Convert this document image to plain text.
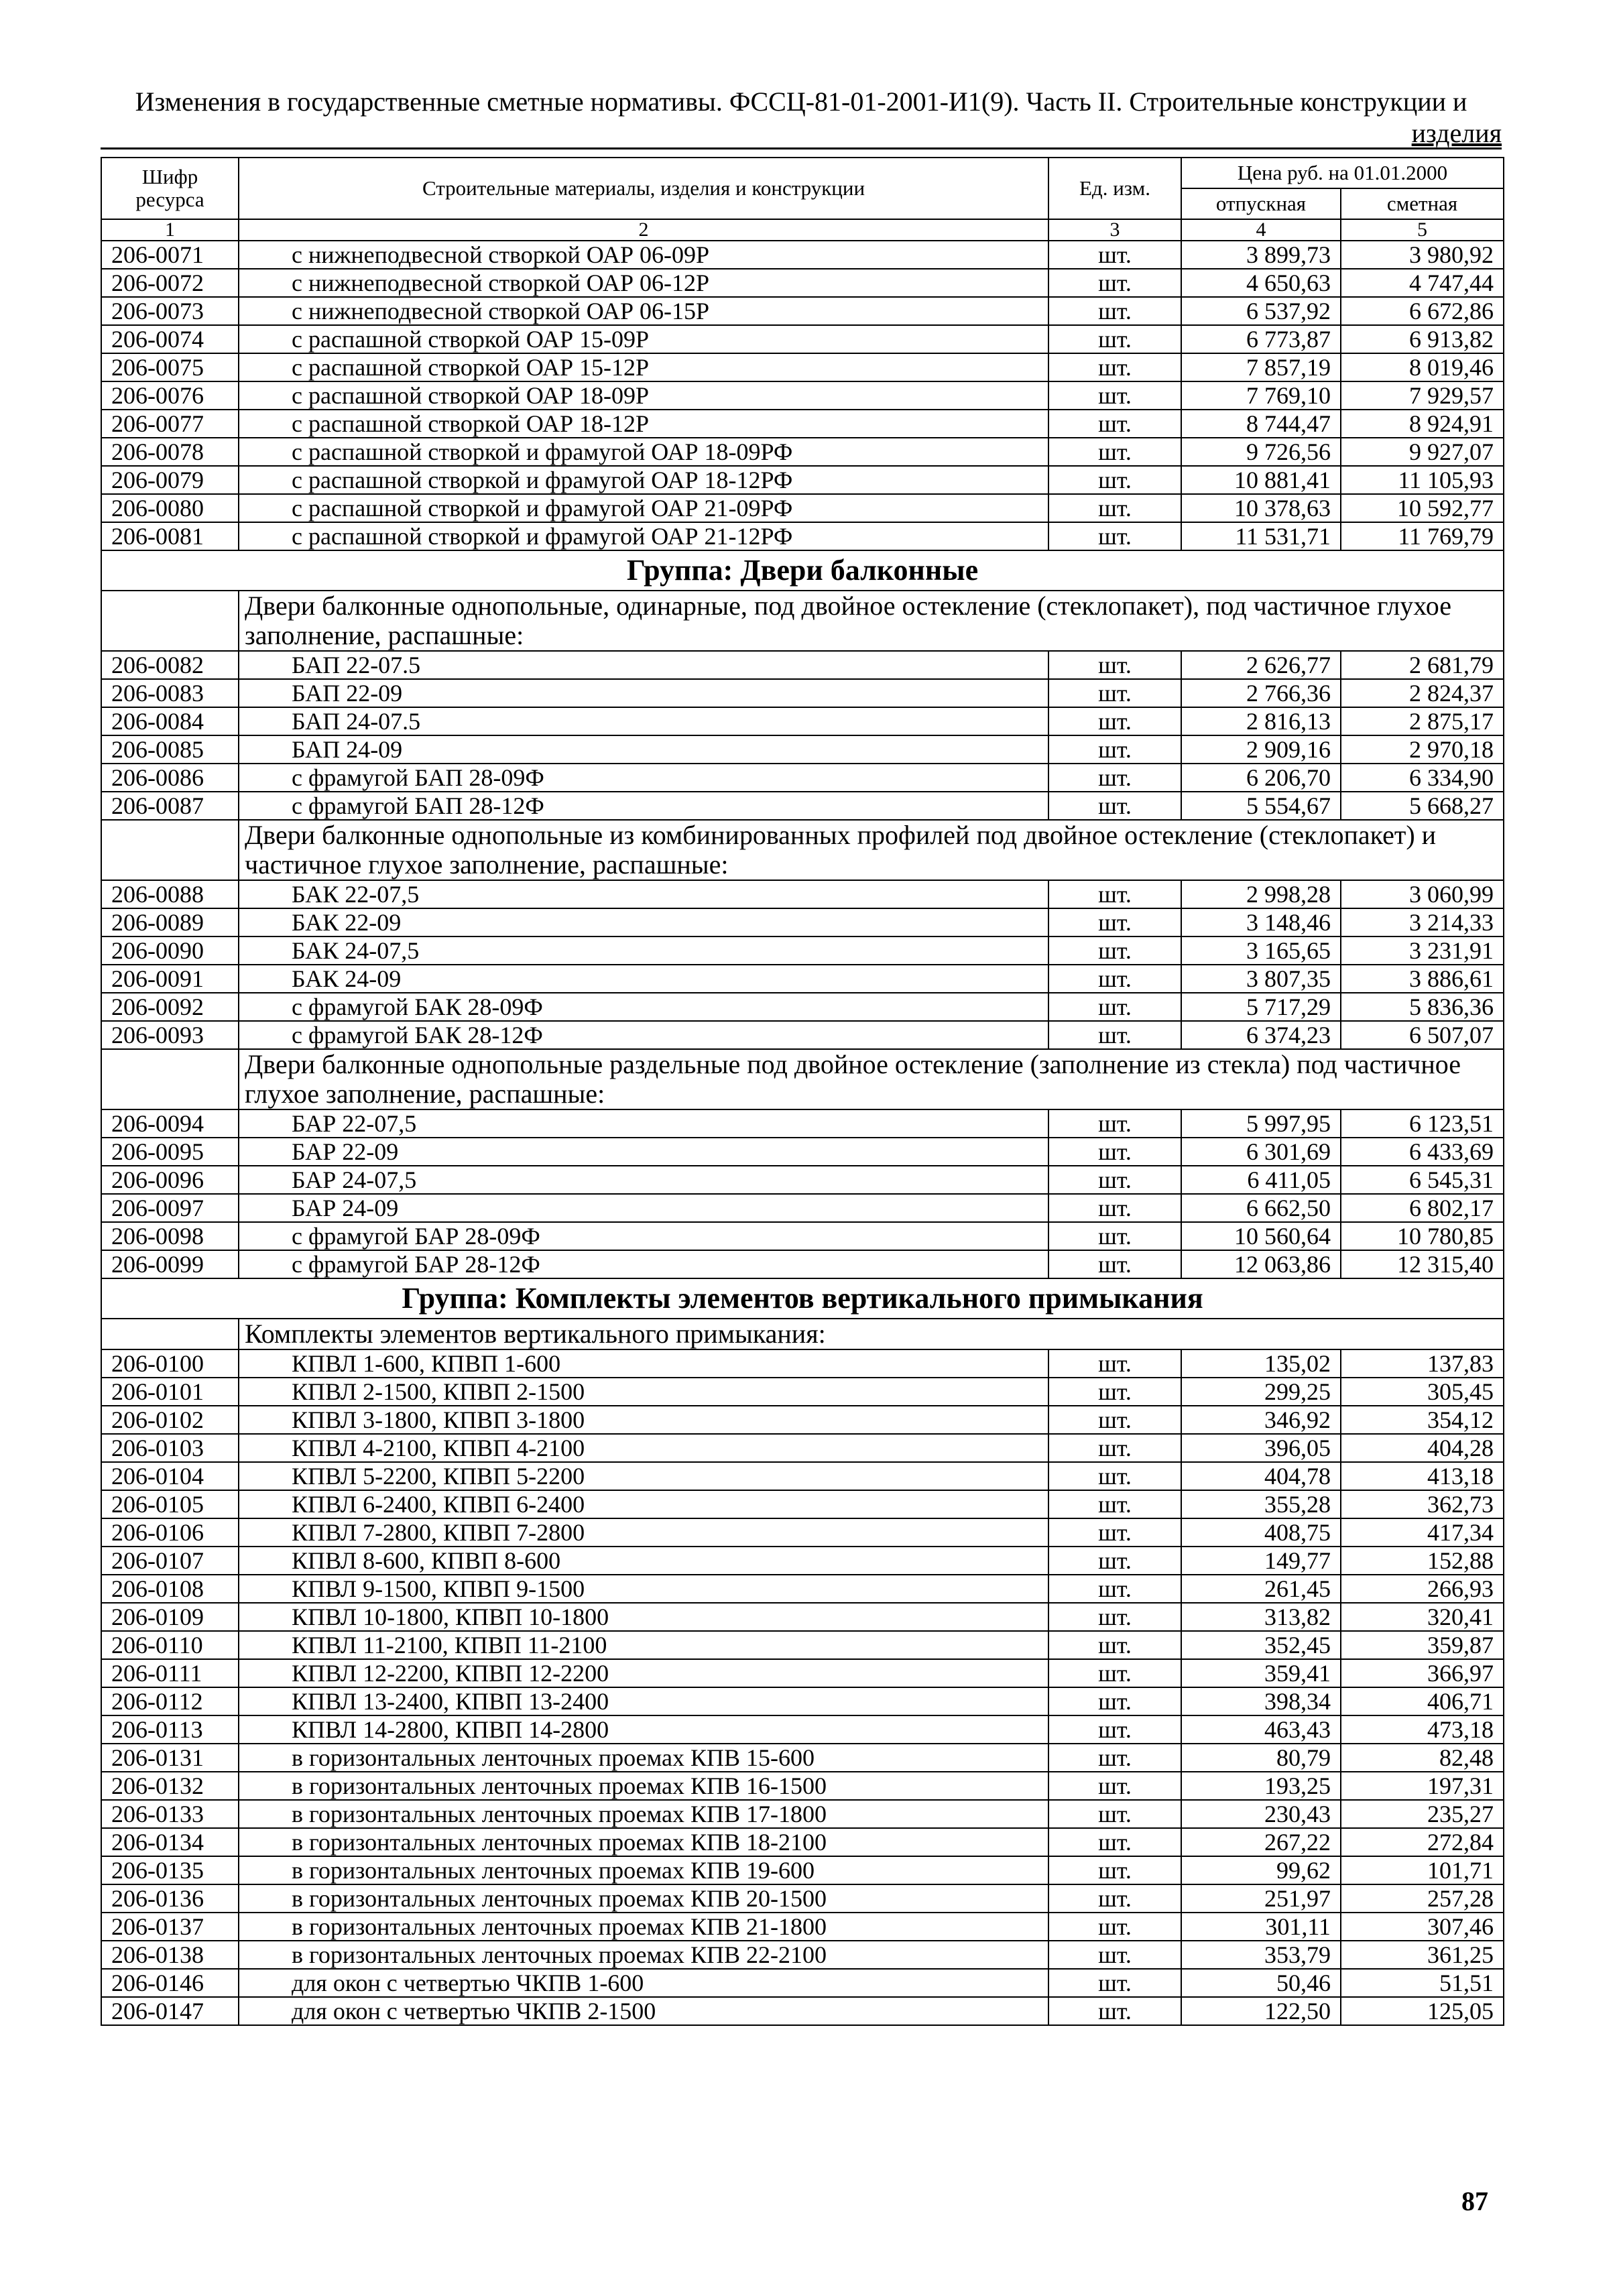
Изменения в государственные сметные нормативы. ФССЦ-81-01-2001-И1(9). Часть II. Строительные конструкции и
изделия
Шифр ресурса	Строительные материалы, изделия и конструкции	Ед. изм.	Цена руб. на 01.01.2000	
			отпускная	сметная
1	2	3	4	5
206-0071	с нижнеподвесной створкой ОАР 06-09Р	шт.	3 899,73	3 980,92
206-0072	с нижнеподвесной створкой ОАР 06-12Р	шт.	4 650,63	4 747,44
206-0073	с нижнеподвесной створкой ОАР 06-15Р	шт.	6 537,92	6 672,86
206-0074	с распашной створкой ОАР 15-09Р	шт.	6 773,87	6 913,82
206-0075	с распашной створкой ОАР 15-12Р	шт.	7 857,19	8 019,46
206-0076	с распашной створкой ОАР 18-09Р	шт.	7 769,10	7 929,57
206-0077	с распашной створкой ОАР 18-12Р	шт.	8 744,47	8 924,91
206-0078	с распашной створкой и фрамугой ОАР 18-09РФ	шт.	9 726,56	9 927,07
206-0079	с распашной створкой и фрамугой ОАР 18-12РФ	шт.	10 881,41	11 105,93
206-0080	с распашной створкой и фрамугой ОАР 21-09РФ	шт.	10 378,63	10 592,77
206-0081	с распашной створкой и фрамугой ОАР 21-12РФ	шт.	11 531,71	11 769,79
Группа: Двери балконные				
	Двери балконные однопольные, одинарные, под двойное остекление (стеклопакет), под частичное глухое заполнение, распашные:			
206-0082	БАП 22-07.5	шт.	2 626,77	2 681,79
206-0083	БАП 22-09	шт.	2 766,36	2 824,37
206-0084	БАП 24-07.5	шт.	2 816,13	2 875,17
206-0085	БАП 24-09	шт.	2 909,16	2 970,18
206-0086	с фрамугой БАП 28-09Ф	шт.	6 206,70	6 334,90
206-0087	с фрамугой БАП 28-12Ф	шт.	5 554,67	5 668,27
	Двери балконные однопольные из комбинированных профилей под двойное остекление (стеклопакет) и частичное глухое заполнение, распашные:			
206-0088	БАК 22-07,5	шт.	2 998,28	3 060,99
206-0089	БАК 22-09	шт.	3 148,46	3 214,33
206-0090	БАК 24-07,5	шт.	3 165,65	3 231,91
206-0091	БАК 24-09	шт.	3 807,35	3 886,61
206-0092	с фрамугой БАК 28-09Ф	шт.	5 717,29	5 836,36
206-0093	с фрамугой БАК 28-12Ф	шт.	6 374,23	6 507,07
	Двери балконные однопольные раздельные под двойное остекление (заполнение из стекла) под частичное глухое заполнение, распашные:			
206-0094	БАР 22-07,5	шт.	5 997,95	6 123,51
206-0095	БАР 22-09	шт.	6 301,69	6 433,69
206-0096	БАР 24-07,5	шт.	6 411,05	6 545,31
206-0097	БАР 24-09	шт.	6 662,50	6 802,17
206-0098	с фрамугой БАР 28-09Ф	шт.	10 560,64	10 780,85
206-0099	с фрамугой БАР 28-12Ф	шт.	12 063,86	12 315,40
Группа: Комплекты элементов вертикального примыкания				
	Комплекты элементов вертикального примыкания:			
206-0100	КПВЛ 1-600, КПВП 1-600	шт.	135,02	137,83
206-0101	КПВЛ 2-1500, КПВП 2-1500	шт.	299,25	305,45
206-0102	КПВЛ 3-1800, КПВП 3-1800	шт.	346,92	354,12
206-0103	КПВЛ 4-2100, КПВП 4-2100	шт.	396,05	404,28
206-0104	КПВЛ 5-2200, КПВП 5-2200	шт.	404,78	413,18
206-0105	КПВЛ 6-2400, КПВП 6-2400	шт.	355,28	362,73
206-0106	КПВЛ 7-2800, КПВП 7-2800	шт.	408,75	417,34
206-0107	КПВЛ 8-600, КПВП 8-600	шт.	149,77	152,88
206-0108	КПВЛ 9-1500, КПВП 9-1500	шт.	261,45	266,93
206-0109	КПВЛ 10-1800, КПВП 10-1800	шт.	313,82	320,41
206-0110	КПВЛ 11-2100, КПВП 11-2100	шт.	352,45	359,87
206-0111	КПВЛ 12-2200, КПВП 12-2200	шт.	359,41	366,97
206-0112	КПВЛ 13-2400, КПВП 13-2400	шт.	398,34	406,71
206-0113	КПВЛ 14-2800, КПВП 14-2800	шт.	463,43	473,18
206-0131	в горизонтальных ленточных проемах КПВ 15-600	шт.	80,79	82,48
206-0132	в горизонтальных ленточных проемах КПВ 16-1500	шт.	193,25	197,31
206-0133	в горизонтальных ленточных проемах КПВ 17-1800	шт.	230,43	235,27
206-0134	в горизонтальных ленточных проемах КПВ 18-2100	шт.	267,22	272,84
206-0135	в горизонтальных ленточных проемах КПВ 19-600	шт.	99,62	101,71
206-0136	в горизонтальных ленточных проемах КПВ 20-1500	шт.	251,97	257,28
206-0137	в горизонтальных ленточных проемах КПВ 21-1800	шт.	301,11	307,46
206-0138	в горизонтальных ленточных проемах КПВ 22-2100	шт.	353,79	361,25
206-0146	для окон с четвертью ЧКПВ 1-600	шт.	50,46	51,51
206-0147	для окон с четвертью ЧКПВ 2-1500	шт.	122,50	125,05
87
